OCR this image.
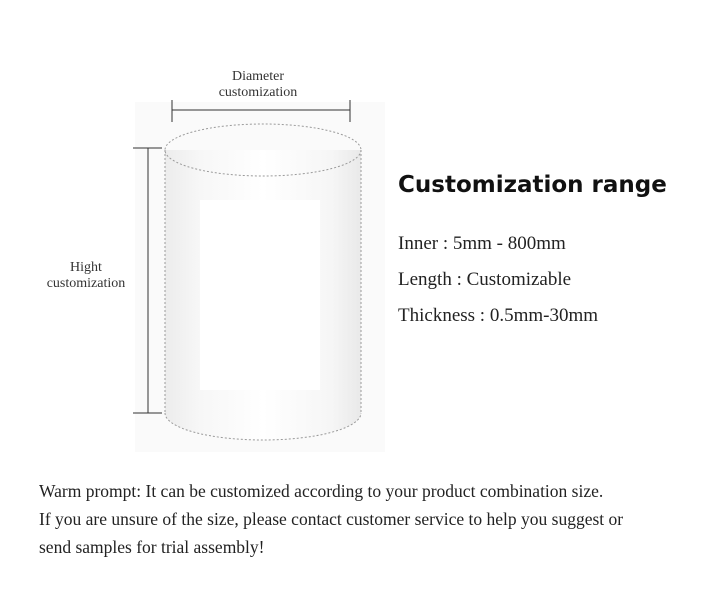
Diameter
customization
Hight
customization
Customization range
Inner : 5mm - 800mm
Length : Customizable
Thickness : 0.5mm-30mm
Warm prompt: It can be customized according to your product combination size.
If you are unsure of the size, please contact customer service to help you suggest or
send samples for trial assembly!
